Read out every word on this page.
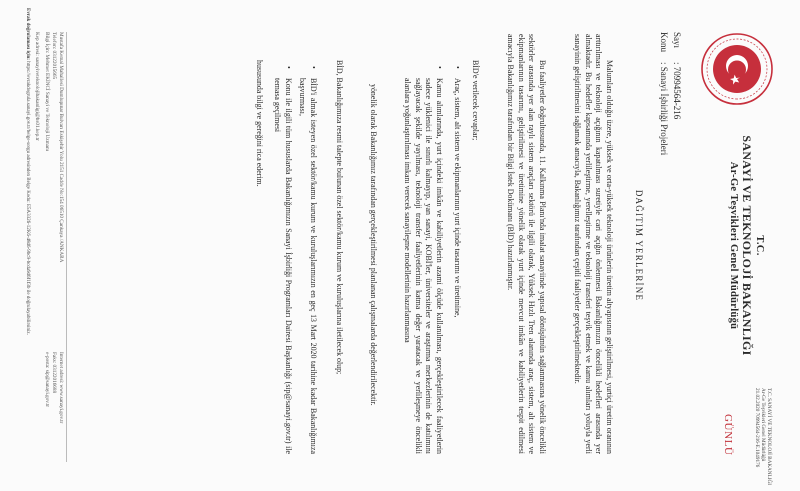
T.C.
SANAYİ VE TEKNOLOJİ BAKANLIĞI
Ar-Ge Teşvikleri Genel Müdürlüğü
T.C. SANAYİ VE TEKNOLOJİ BAKANLIĞI
Ar-Ge Teşvikleri Genel Müdürlüğü
21.02.2020 70994564-216-E.1049176
GÜNLÜ
Sayı: 70994564-216
Konu: Sanayi İşbirliği Projeleri
DAĞITIM YERLERİNE

Malumları olduğu üzere, yüksek ve orta-yüksek teknoloji ürünlerin üretim altyapısının geliştirilmesi, yurtiçi üretim oranının arttırılması ve teknoloji açığının kapatılması suretiyle cari açığın önlenmesi Bakanlığımızın öncelikli hedefleri arasında yer almaktadır. Bu hedefler kapsamında yerlileştirme, yerelleştirme ve teknoloji transferi teşvik etmek ve kamu alımları yoluyla yerli sanayinin geliştirilmesini sağlamak amacıyla, Bakanlığımız tarafından çeşitli faaliyetler gerçekleştirilmektedir.

Bu faaliyetler doğrultusunda, 11. Kalkınma Planı'nda imalat sanayiinde yapısal dönüşümün sağlanmasına yönelik öncelikli sektörler arasında yer alan raylı sistem araçları sektörü ile ilgili olarak, Yüksek Hızlı Tren alanında araç, sistem, alt sistem ve ekipmanlarının tasarımı, geliştirilmesi ve üretimine yönelik olarak yurt içinde mevcut imkân ve kabiliyetlerin tespit edilmesi amacıyla Bakanlığımız tarafından bir Bilgi İstek Dokümanı (BİD) hazırlanmıştır.

BİD'e verilecek cevaplar;
•
Araç, sistem, alt sistem ve ekipmanlarının yurt içinde tasarımı ve üretimine,
•
Kamu alımlarında, yurt içindeki imkân ve kabiliyetlerin azami ölçüde kullanılması, gerçekleştirilecek faaliyetlerin sadece yüklenici ile sınırlı kalmayıp, yan sanayi, KOBİ'ler, üniversiteler ve araştırma merkezlerinin de katılımını sağlayacak şekilde yayılması, teknoloji transfer faaliyetlerinin katma değer yaratacak ve yerlileşmeye öncelikli alanlara yoğunlaştırılması imkanı verecek sanayileşme modellerinin hazırlanmasına
yönelik olarak Bakanlığımız tarafından gerçekleştirilmesi planlanan çalışmalarda değerlendirilecektir.

BİD, Bakanlığımıza resmi talepte bulunan özel sektör/kamu kurum ve kuruluşlarına iletilecek olup;

•
BİD'i almak isteyen özel sektör/kamu kurum ve kuruluşlarımızın en geç 13 Mart 2020 tarihine kadar Bakanlığımıza başvurması,
•
Konu ile ilgili tüm hususlarda Bakanlığımızın Sanayi İşbirliği Programları Dairesi Başkanlığı (sip@sanayi.gov.tr) ile temasa geçilmesi
hususunda bilgi ve gereğini rica ederim.
Mustafa Kemal Mahallesi Dumlupınar Bulvarı Eskişehir Yolu 2151 Cadde No:154 06510 Çankaya /ANKARA
Telefon: 03122015665
Bilgi İçin: Mehmet EKİNCİ Sanayi ve Teknoloji Uzmanı
Internet adresi: www.sanayi.gov.tr
Faks: 03122016688
e-posta: sip@sanayi.gov.tr
Kep adresi: sanayiveteknolojibakanligi@hs01.kep.tr
Evrak doğrulaması için: https://evrakdogrula.sanayi.gov.tr/belge-sorgu adresinden Belge Kodu: E5A3326-12K6-48d6-9bc9-bcda9d6f1f3b ile doğrulayabilirsiniz.
